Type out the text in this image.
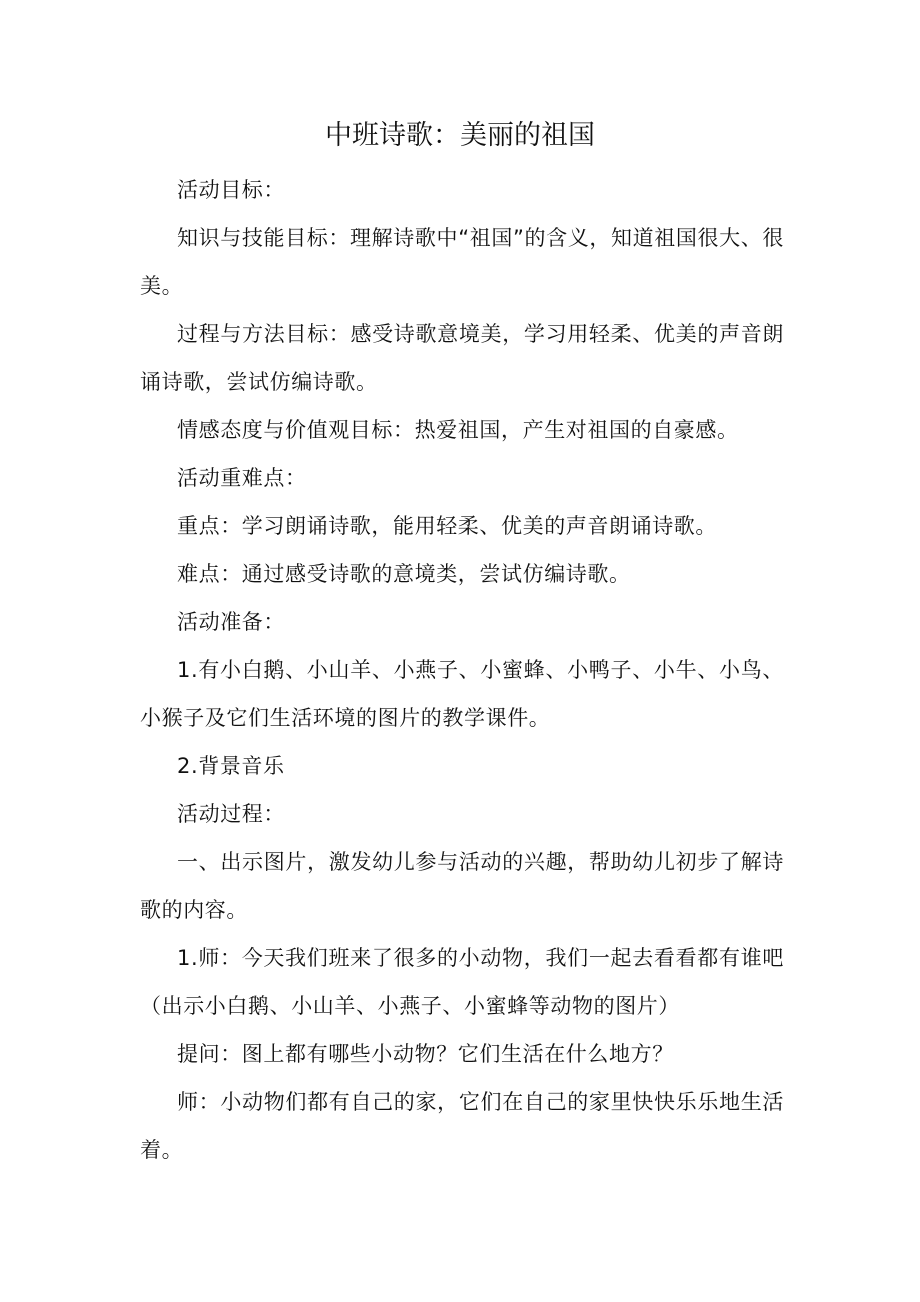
中班诗歌：美丽的祖国

活动目标：

知识与技能目标：理解诗歌中“祖国”的含义，知道祖国很大、很美。

过程与方法目标：感受诗歌意境美，学习用轻柔、优美的声音朗诵诗歌，尝试仿编诗歌。

情感态度与价值观目标：热爱祖国，产生对祖国的自豪感。

活动重难点：

重点：学习朗诵诗歌，能用轻柔、优美的声音朗诵诗歌。

难点：通过感受诗歌的意境类，尝试仿编诗歌。

活动准备：

1.有小白鹅、小山羊、小燕子、小蜜蜂、小鸭子、小牛、小鸟、小猴子及它们生活环境的图片的教学课件。

2.背景音乐

活动过程：

一、出示图片，激发幼儿参与活动的兴趣，帮助幼儿初步了解诗歌的内容。

1.师：今天我们班来了很多的小动物，我们一起去看看都有谁吧（出示小白鹅、小山羊、小燕子、小蜜蜂等动物的图片）

提问：图上都有哪些小动物？它们生活在什么地方？

师：小动物们都有自己的家，它们在自己的家里快快乐乐地生活着。
